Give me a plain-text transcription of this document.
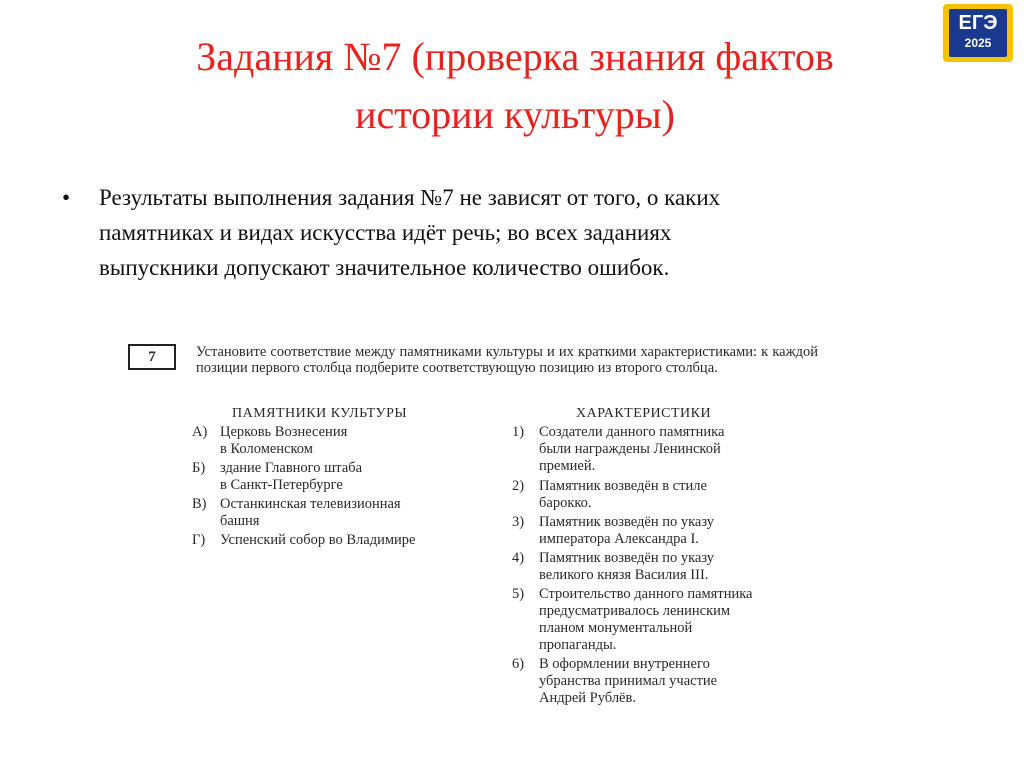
Задания №7 (проверка знания фактов
истории культуры)
ЕГЭ
2025
• Результаты выполнения задания №7 не зависят от того, о каких
памятниках и видах искусства идёт речь; во всех заданиях
выпускники допускают значительное количество ошибок.
7	Установите соответствие между памятниками культуры и их краткими характеристиками: к каждой позиции первого столбца подберите соответствующую позицию из второго столбца.
ПАМЯТНИКИ КУЛЬТУРЫ	ХАРАКТЕРИСТИКИ
А) Церковь Вознесения
в Коломенском
Б) здание Главного штаба
в Санкт-Петербурге
В) Останкинская телевизионная
башня
Г) Успенский собор во Владимире
1) Создатели данного памятника
были награждены Ленинской
премией.
2) Памятник возведён в стиле
барокко.
3) Памятник возведён по указу
императора Александра I.
4) Памятник возведён по указу
великого князя Василия III.
5) Строительство данного памятника
предусматривалось ленинским
планом монументальной
пропаганды.
6) В оформлении внутреннего
убранства принимал участие
Андрей Рублёв.
